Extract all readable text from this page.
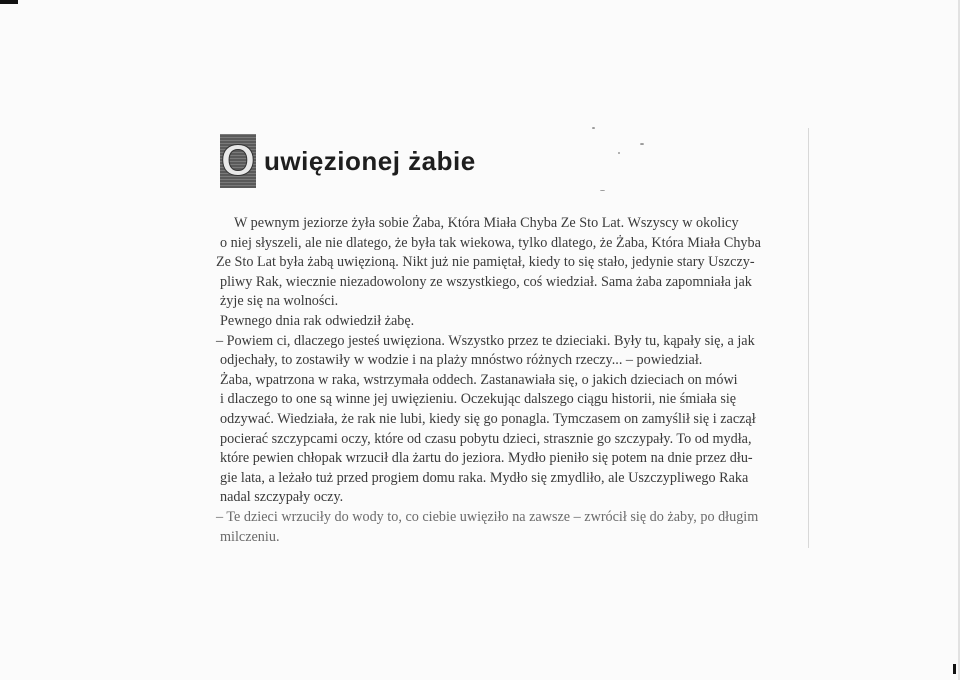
O uwięzionej żabie
W pewnym jeziorze żyła sobie Żaba, Która Miała Chyba Ze Sto Lat. Wszyscy w okolicy
o niej słyszeli, ale nie dlatego, że była tak wiekowa, tylko dlatego, że Żaba, Która Miała Chyba
Ze Sto Lat była żabą uwięzioną. Nikt już nie pamiętał, kiedy to się stało, jedynie stary Uszczy-
pliwy Rak, wiecznie niezadowolony ze wszystkiego, coś wiedział. Sama żaba zapomniała jak
żyje się na wolności.
Pewnego dnia rak odwiedził żabę.
– Powiem ci, dlaczego jesteś uwięziona. Wszystko przez te dzieciaki. Były tu, kąpały się, a jak
odjechały, to zostawiły w wodzie i na plaży mnóstwo różnych rzeczy... – powiedział.
Żaba, wpatrzona w raka, wstrzymała oddech. Zastanawiała się, o jakich dzieciach on mówi
i dlaczego to one są winne jej uwięzieniu. Oczekując dalszego ciągu historii, nie śmiała się
odzywać. Wiedziała, że rak nie lubi, kiedy się go ponagla. Tymczasem on zamyślił się i zaczął
pocierać szczypcami oczy, które od czasu pobytu dzieci, strasznie go szczypały. To od mydła,
które pewien chłopak wrzucił dla żartu do jeziora. Mydło pieniło się potem na dnie przez dłu-
gie lata, a leżało tuż przed progiem domu raka. Mydło się zmydliło, ale Uszczypliwego Raka
nadal szczypały oczy.
– Te dzieci wrzuciły do wody to, co ciebie uwięziło na zawsze – zwrócił się do żaby, po długim
milczeniu.
